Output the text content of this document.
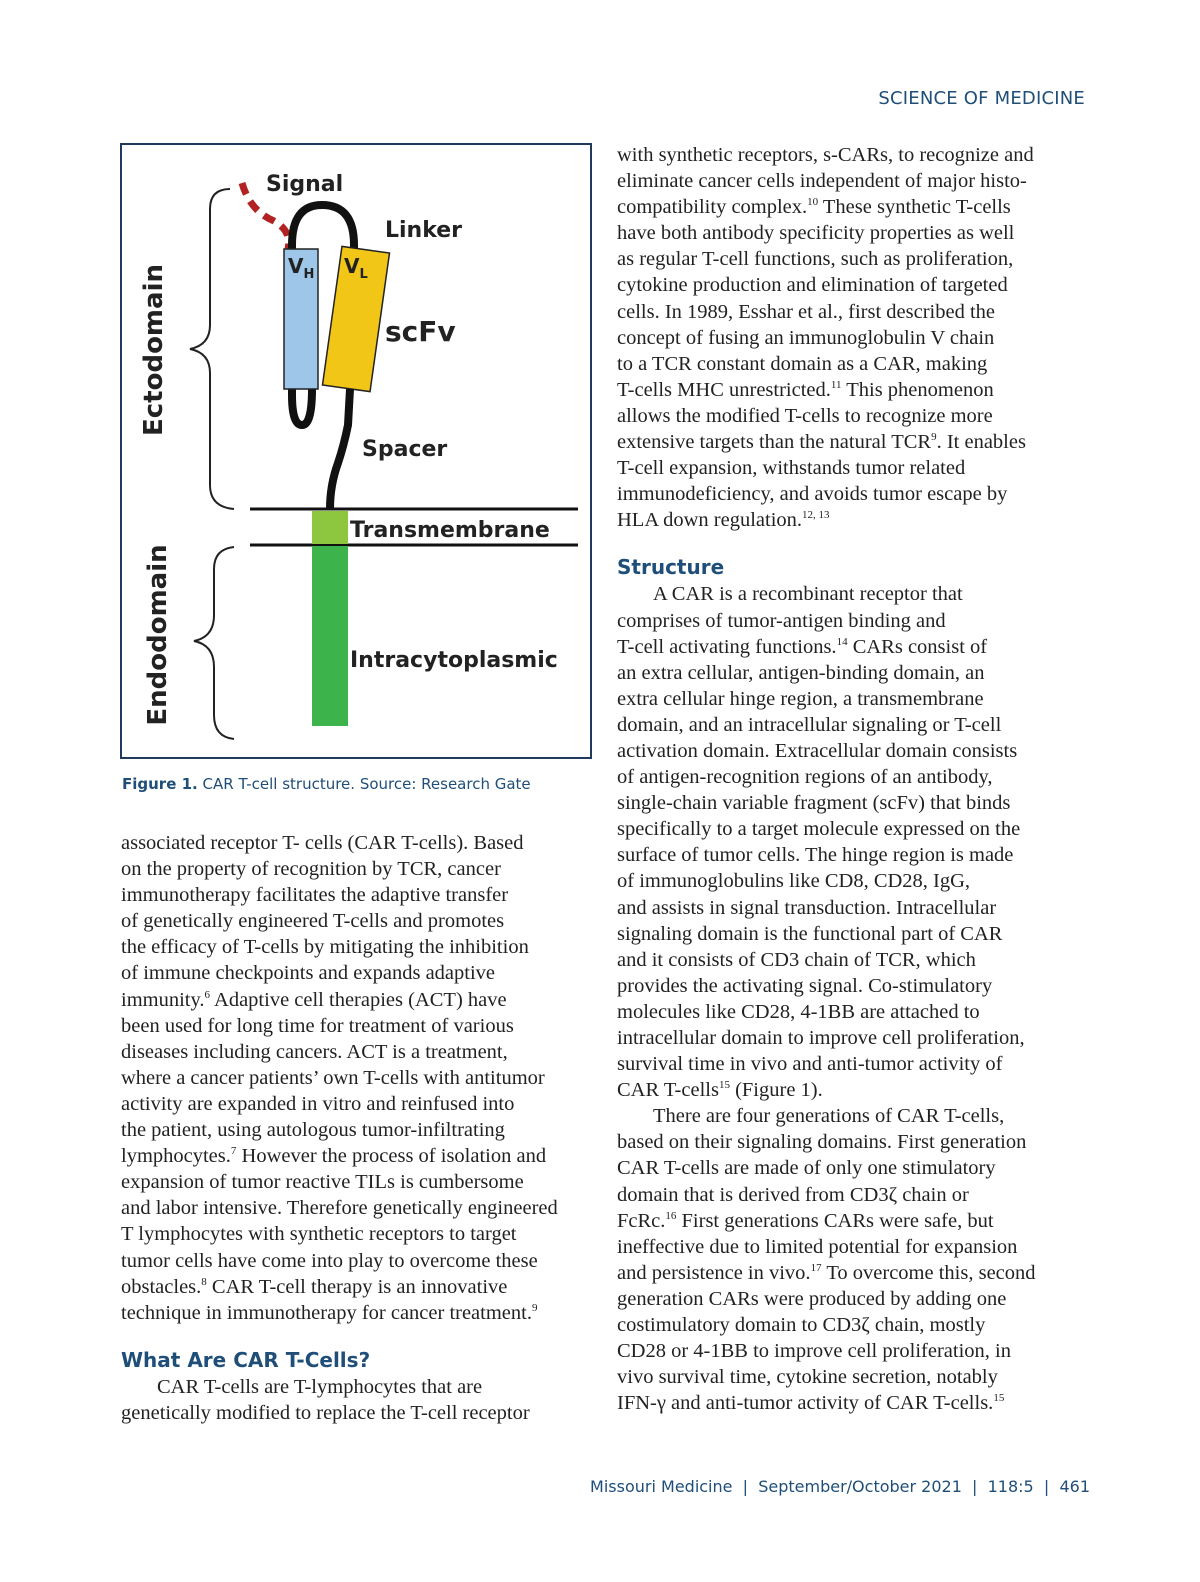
SCIENCE OF MEDICINE
Ectodomain
Endodomain
Signal
Linker
$V_H$ $V_L$
scFv
Spacer
Transmembrane
Intracytoplasmic
Figure 1. CAR T-cell structure. Source: Research Gate
associated receptor T- cells (CAR T-cells). Based
on the property of recognition by TCR, cancer
immunotherapy facilitates the adaptive transfer
of genetically engineered T-cells and promotes
the efficacy of T-cells by mitigating the inhibition
of immune checkpoints and expands adaptive
immunity.$^6$ Adaptive cell therapies (ACT) have
been used for long time for treatment of various
diseases including cancers. ACT is a treatment,
where a cancer patients’ own T-cells with antitumor
activity are expanded in vitro and reinfused into
the patient, using autologous tumor-infiltrating
lymphocytes.$^7$ However the process of isolation and
expansion of tumor reactive TILs is cumbersome
and labor intensive. Therefore genetically engineered
T lymphocytes with synthetic receptors to target
tumor cells have come into play to overcome these
obstacles.$^8$ CAR T-cell therapy is an innovative
technique in immunotherapy for cancer treatment.$^9$
What Are CAR T-Cells?
CAR T-cells are T-lymphocytes that are
genetically modified to replace the T-cell receptor
with synthetic receptors, s-CARs, to recognize and
eliminate cancer cells independent of major histo-
compatibility complex.$^{10}$ These synthetic T-cells
have both antibody specificity properties as well
as regular T-cell functions, such as proliferation,
cytokine production and elimination of targeted
cells. In 1989, Esshar et al., first described the
concept of fusing an immunoglobulin V chain
to a TCR constant domain as a CAR, making
T-cells MHC unrestricted.$^{11}$ This phenomenon
allows the modified T-cells to recognize more
extensive targets than the natural TCR$^9$. It enables
T-cell expansion, withstands tumor related
immunodeficiency, and avoids tumor escape by
HLA down regulation.$^{12, 13}$
Structure
A CAR is a recombinant receptor that
comprises of tumor-antigen binding and
T-cell activating functions.$^{14}$ CARs consist of
an extra cellular, antigen-binding domain, an
extra cellular hinge region, a transmembrane
domain, and an intracellular signaling or T-cell
activation domain. Extracellular domain consists
of antigen-recognition regions of an antibody,
single-chain variable fragment (scFv) that binds
specifically to a target molecule expressed on the
surface of tumor cells. The hinge region is made
of immunoglobulins like CD8, CD28, IgG,
and assists in signal transduction. Intracellular
signaling domain is the functional part of CAR
and it consists of CD3 chain of TCR, which
provides the activating signal. Co-stimulatory
molecules like CD28, 4-1BB are attached to
intracellular domain to improve cell proliferation,
survival time in vivo and anti-tumor activity of
CAR T-cells$^{15}$ (Figure 1).
There are four generations of CAR T-cells,
based on their signaling domains. First generation
CAR T-cells are made of only one stimulatory
domain that is derived from CD3ζ chain or
FcRc.$^{16}$ First generations CARs were safe, but
ineffective due to limited potential for expansion
and persistence in vivo.$^{17}$ To overcome this, second
generation CARs were produced by adding one
costimulatory domain to CD3ζ chain, mostly
CD28 or 4-1BB to improve cell proliferation, in
vivo survival time, cytokine secretion, notably
IFN-γ and anti-tumor activity of CAR T-cells.$^{15}$
Missouri Medicine  |  September/October 2021  |  118:5  |  461
